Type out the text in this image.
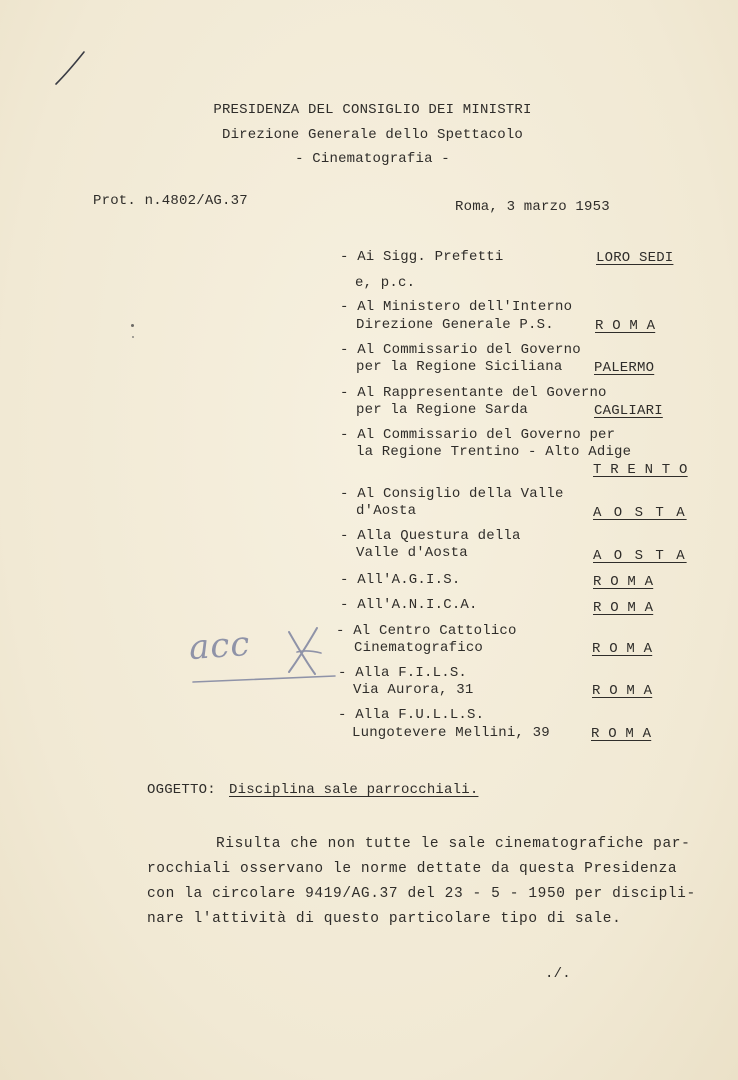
PRESIDENZA DEL CONSIGLIO DEI MINISTRI
Direzione Generale dello Spettacolo
- Cinematografia -
Prot. n.4802/AG.37	Roma, 3 marzo 1953
- Ai Sigg. Prefetti	LORO SEDI
e, p.c.
- Al Ministero dell'Interno
Direzione Generale P.S.	R O M A
- Al Commissario del Governo
per la Regione Siciliana PALERMO
- Al Rappresentante del Governo
per la Regione Sarda	CAGLIARI
- Al Commissario del Governo per
la Regione Trentino - Alto Adige
T R E N T O
- Al Consiglio della Valle
d'Aosta	A O S T A
- Alla Questura della
Valle d'Aosta	A O S T A
- All'A.G.I.S.	R O M A
- All'A.N.I.C.A.	R O M A
- Al Centro Cattolico
Cinematografico	R O M A
- Alla F.I.L.S.
Via Aurora, 31	R O M A
- Alla F.U.L.L.S.
Lungotevere Mellini, 39	R O M A
acc
OGGETTO: Disciplina sale parrocchiali.
Risulta che non tutte le sale cinematografiche par-
rocchiali osservano le norme dettate da questa Presidenza
con la circolare 9419/AG.37 del 23 - 5 - 1950 per discipli-
nare l'attività di questo particolare tipo di sale.
./.
